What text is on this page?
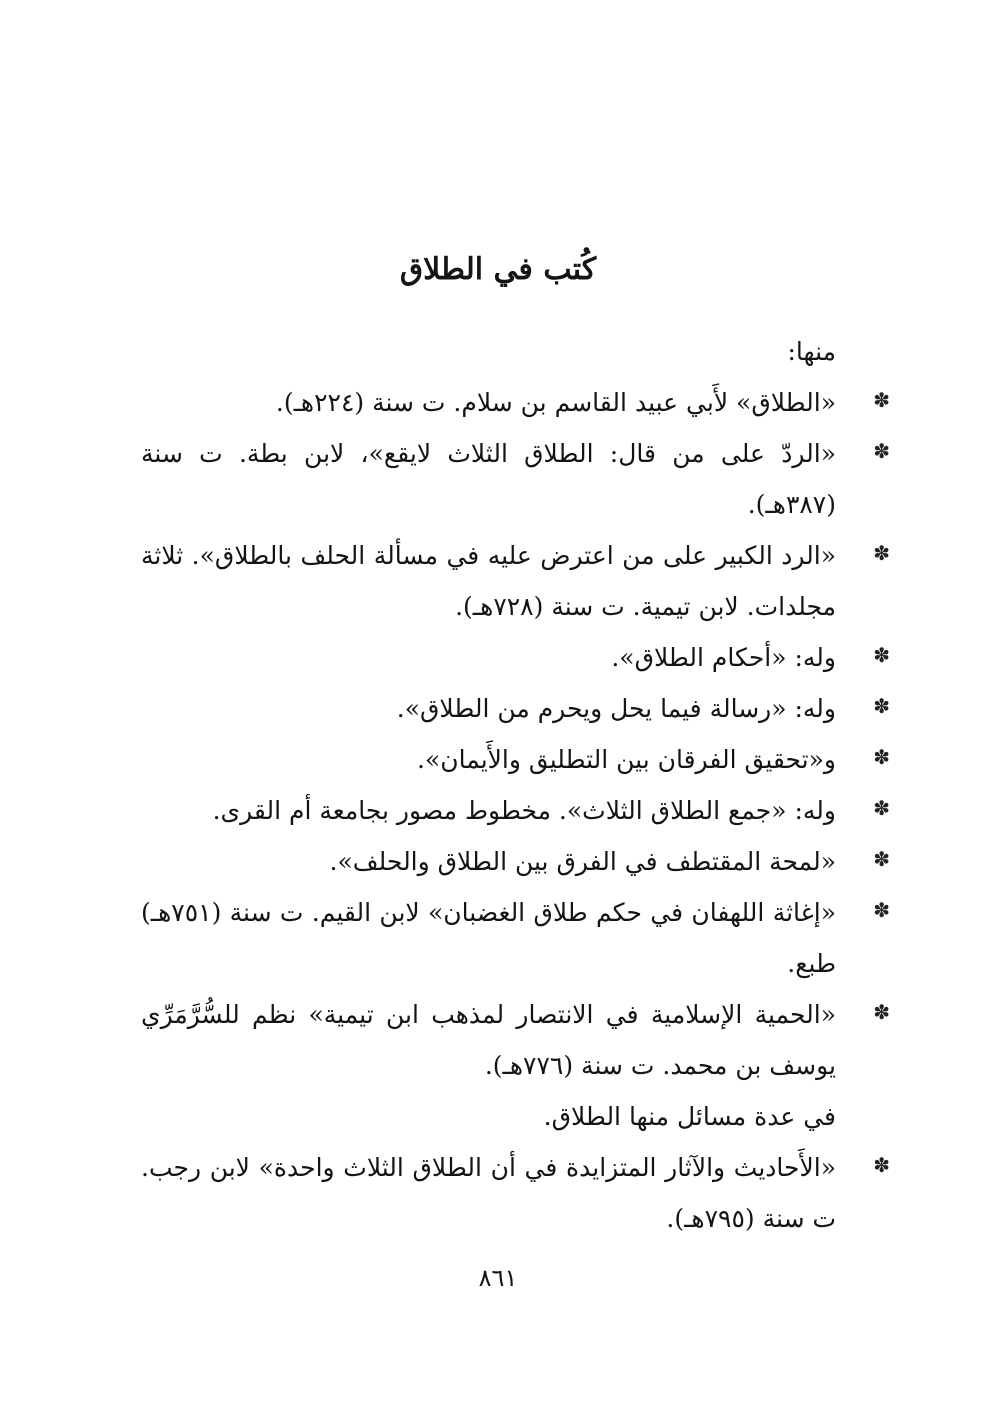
كُتب في الطلاق

منها:

✽
«الطلاق» لأَبي عبيد القاسم بن سلام. ت سنة (٢٢٤هـ).
✽
«الردّ على من قال: الطلاق الثلاث لايقع»، لابن بطة. ت سنة (٣٨٧هـ).
✽
«الرد الكبير على من اعترض عليه في مسألة الحلف بالطلاق». ثلاثة مجلدات. لابن تيمية. ت سنة (٧٢٨هـ).
✽
وله: «أحكام الطلاق».
✽
وله: «رسالة فيما يحل ويحرم من الطلاق».
✽
و«تحقيق الفرقان بين التطليق والأَيمان».
✽
وله: «جمع الطلاق الثلاث». مخطوط مصور بجامعة أم القرى.
✽
«لمحة المقتطف في الفرق بين الطلاق والحلف».
✽
«إغاثة اللهفان في حكم طلاق الغضبان» لابن القيم. ت سنة (٧٥١هـ) طبع.
✽
«الحمية الإسلامية في الانتصار لمذهب ابن تيمية» نظم للسُّرَّمَرِّي يوسف بن محمد. ت سنة (٧٧٦هـ).

في عدة مسائل منها الطلاق.

✽
«الأَحاديث والآثار المتزايدة في أن الطلاق الثلاث واحدة» لابن رجب. ت سنة (٧٩٥هـ).

٨٦١
